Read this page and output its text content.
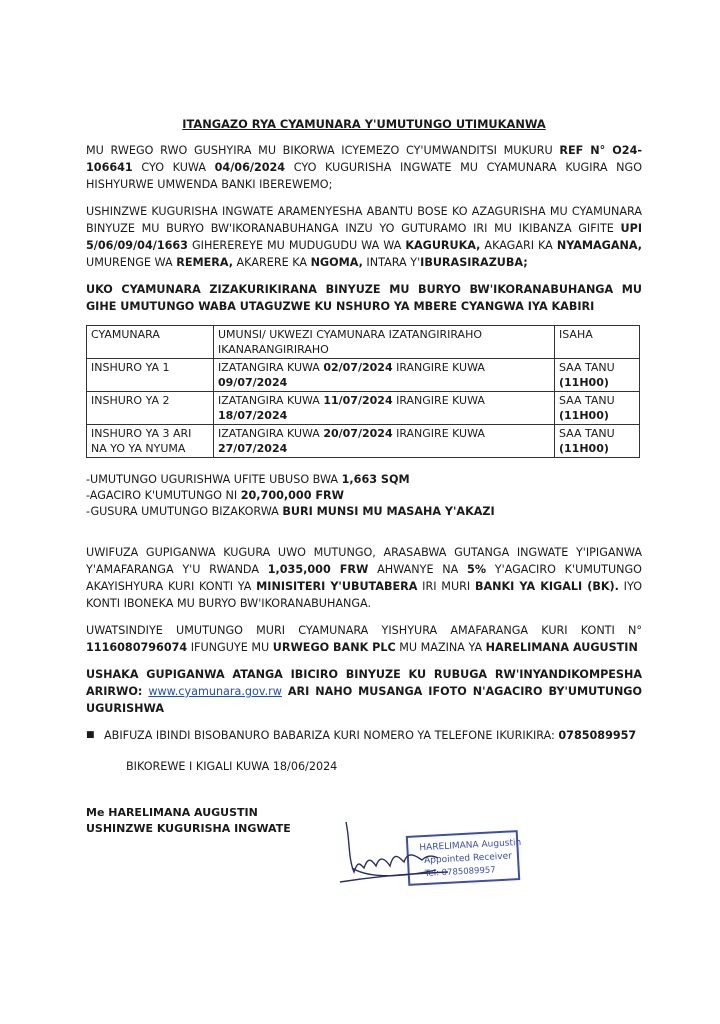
ITANGAZO RYA CYAMUNARA Y'UMUTUNGO UTIMUKANWA

MU RWEGO RWO GUSHYIRA MU BIKORWA ICYEMEZO CY'UMWANDITSI MUKURU REF N° O24-106641 CYO KUWA 04/06/2024 CYO KUGURISHA INGWATE MU CYAMUNARA KUGIRA NGO HISHYURWE UMWENDA BANKI IBEREWEMO;

USHINZWE KUGURISHA INGWATE ARAMENYESHA ABANTU BOSE KO AZAGURISHA MU CYAMUNARA BINYUZE MU BURYO BW'IKORANABUHANGA INZU YO GUTURAMO IRI MU IKIBANZA GIFITE UPI 5/06/09/04/1663 GIHEREREYE MU MUDUGUDU WA WA KAGURUKA, AKAGARI KA NYAMAGANA, UMURENGE WA REMERA, AKARERE KA NGOMA, INTARA Y'IBURASIRAZUBA;

UKO CYAMUNARA ZIZAKURIKIRANA BINYUZE MU BURYO BW'IKORANABUHANGA MU GIHE UMUTUNGO WABA UTAGUZWE KU NSHURO YA MBERE CYANGWA IYA KABIRI

CYAMUNARA	UMUNSI/ UKWEZI CYAMUNARA IZATANGIRIRAHO IKANARANGIRIRAHO	ISAHA
INSHURO YA 1	IZATANGIRA KUWA 02/07/2024 IRANGIRE KUWA 09/07/2024	SAA TANU
(11H00)
INSHURO YA 2	IZATANGIRA KUWA 11/07/2024 IRANGIRE KUWA 18/07/2024	SAA TANU
(11H00)
INSHURO YA 3 ARI NA YO YA NYUMA	IZATANGIRA KUWA 20/07/2024 IRANGIRE KUWA 27/07/2024	SAA TANU
(11H00)
-UMUTUNGO UGURISHWA UFITE UBUSO BWA 1,663 SQM
-AGACIRO K'UMUTUNGO NI 20,700,000 FRW
-GUSURA UMUTUNGO BIZAKORWA BURI MUNSI MU MASAHA Y'AKAZI

UWIFUZA GUPIGANWA KUGURA UWO MUTUNGO, ARASABWA GUTANGA INGWATE Y'IPIGANWA Y'AMAFARANGA Y'U RWANDA 1,035,000 FRW AHWANYE NA 5% Y'AGACIRO K'UMUTUNGO AKAYISHYURA KURI KONTI YA MINISITERI Y'UBUTABERA IRI MURI BANKI YA KIGALI (BK). IYO KONTI IBONEKA MU BURYO BW'IKORANABUHANGA.

UWATSINDIYE UMUTUNGO MURI CYAMUNARA YISHYURA AMAFARANGA KURI KONTI N° 1116080796074 IFUNGUYE MU URWEGO BANK PLC MU MAZINA YA HARELIMANA AUGUSTIN

USHAKA GUPIGANWA ATANGA IBICIRO BINYUZE KU RUBUGA RW'INYANDIKOMPESHA ARIRWO: www.cyamunara.gov.rw ARI NAHO MUSANGA IFOTO N'AGACIRO BY'UMUTUNGO UGURISHWA

■ ABIFUZA IBINDI BISOBANURO BABARIZA KURI NOMERO YA TELEFONE IKURIKIRA: 0785089957
BIKOREWE I KIGALI KUWA 18/06/2024
Me HARELIMANA AUGUSTIN
USHINZWE KUGURISHA INGWATE
HARELIMANA Augustin
Appointed Receiver
Tel: 0785089957
